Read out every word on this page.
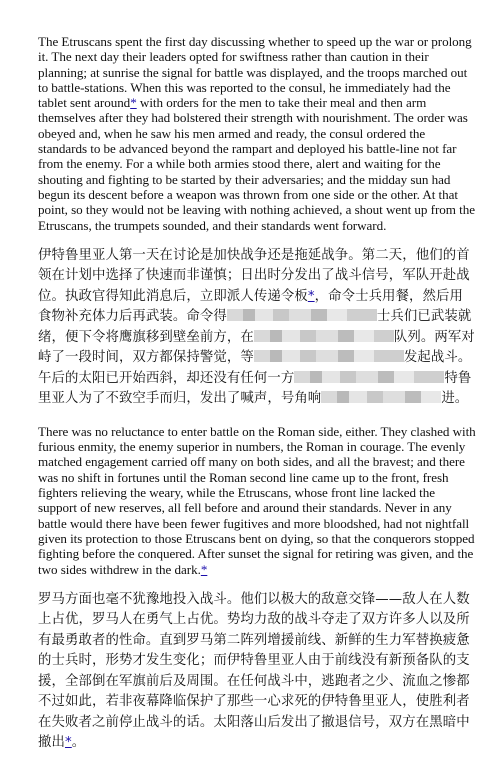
The Etruscans spent the first day discussing whether to speed up the war or prolong it. The next day their leaders opted for swiftness rather than caution in their planning; at sunrise the signal for battle was displayed, and the troops marched out to battle-stations. When this was reported to the consul, he immediately had the tablet sent around* with orders for the men to take their meal and then arm themselves after they had bolstered their strength with nourishment. The order was obeyed and, when he saw his men armed and ready, the consul ordered the standards to be advanced beyond the rampart and deployed his battle-line not far from the enemy. For a while both armies stood there, alert and waiting for the shouting and fighting to be started by their adversaries; and the midday sun had begun its descent before a weapon was thrown from one side or the other. At that point, so they would not be leaving with nothing achieved, a shout went up from the Etruscans, the trumpets sounded, and their standards went forward.

伊特鲁里亚人第一天在讨论是加快战争还是拖延战争。第二天，他们的首领在计划中选择了快速而非谨慎；日出时分发出了战斗信号，军队开赴战位。执政官得知此消息后，立即派人传递令板*，命令士兵用餐，然后用食物补充体力后再武装。命令得	士兵们已武装就绪，便下令将鹰旗移到壁垒前方，在	队列。两军对峙了一段时间，双方都保持警觉，等	发起战斗。午后的太阳已开始西斜，却还没有任何一方	特鲁里亚人为了不致空手而归，发出了喊声，号角响	进。

There was no reluctance to enter battle on the Roman side, either. They clashed with furious enmity, the enemy superior in numbers, the Roman in courage. The evenly matched engagement carried off many on both sides, and all the bravest; and there was no shift in fortunes until the Roman second line came up to the front, fresh fighters relieving the weary, while the Etruscans, whose front line lacked the support of new reserves, all fell before and around their standards. Never in any battle would there have been fewer fugitives and more bloodshed, had not nightfall given its protection to those Etruscans bent on dying, so that the conquerors stopped fighting before the conquered. After sunset the signal for retiring was given, and the two sides withdrew in the dark.*

罗马方面也毫不犹豫地投入战斗。他们以极大的敌意交锋——敌人在人数上占优，罗马人在勇气上占优。势均力敌的战斗夺走了双方许多人以及所有最勇敢者的性命。直到罗马第二阵列增援前线、新鲜的生力军替换疲惫的士兵时，形势才发生变化；而伊特鲁里亚人由于前线没有新预备队的支援，全部倒在军旗前后及周围。在任何战斗中，逃跑者之少、流血之惨都不过如此，若非夜幕降临保护了那些一心求死的伊特鲁里亚人，使胜利者在失败者之前停止战斗的话。太阳落山后发出了撤退信号，双方在黑暗中撤出*。
